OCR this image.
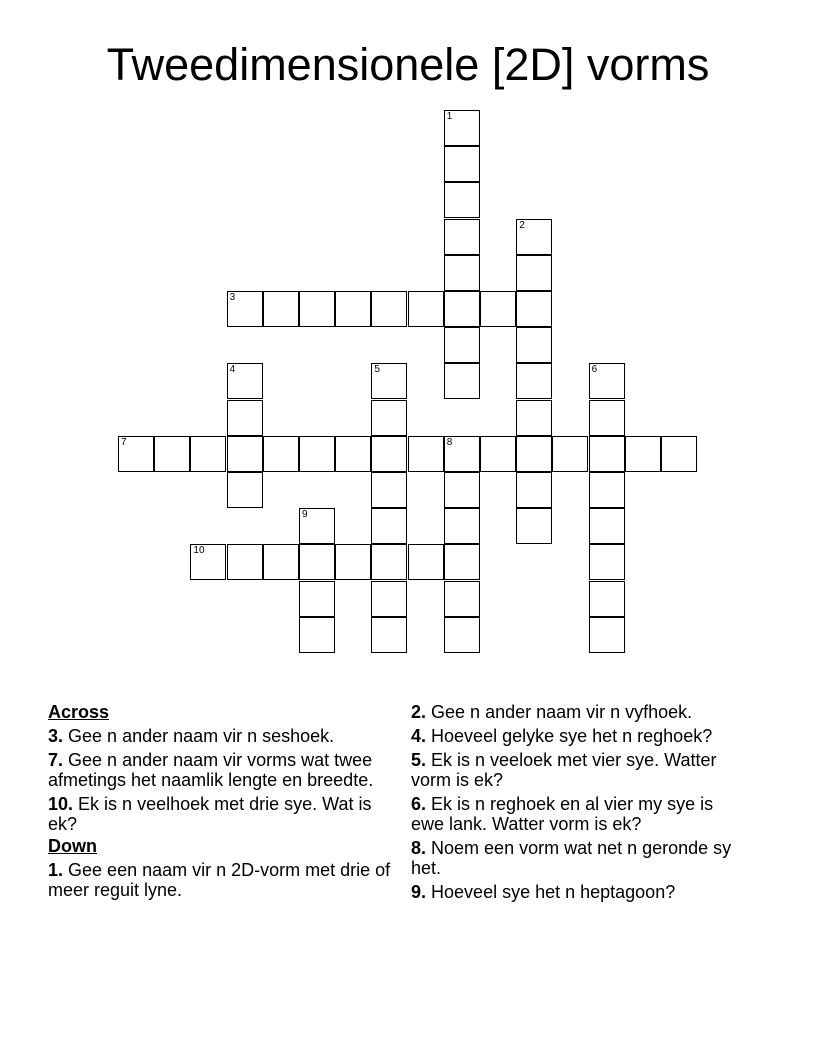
Tweedimensionele [2D] vorms
1
2
3
4	5	6
7	8
9
10
Across
3. Gee n ander naam vir n seshoek.
7. Gee n ander naam vir vorms wat twee afmetings het naamlik lengte en breedte.
10. Ek is n veelhoek met drie sye. Wat is ek?
Down
1. Gee een naam vir n 2D-vorm met drie of meer reguit lyne.
2. Gee n ander naam vir n vyfhoek.
4. Hoeveel gelyke sye het n reghoek?
5. Ek is n veeloek met vier sye. Watter vorm is ek?
6. Ek is n reghoek en al vier my sye is ewe lank. Watter vorm is ek?
8. Noem een vorm wat net n geronde sy het.
9. Hoeveel sye het n heptagoon?
